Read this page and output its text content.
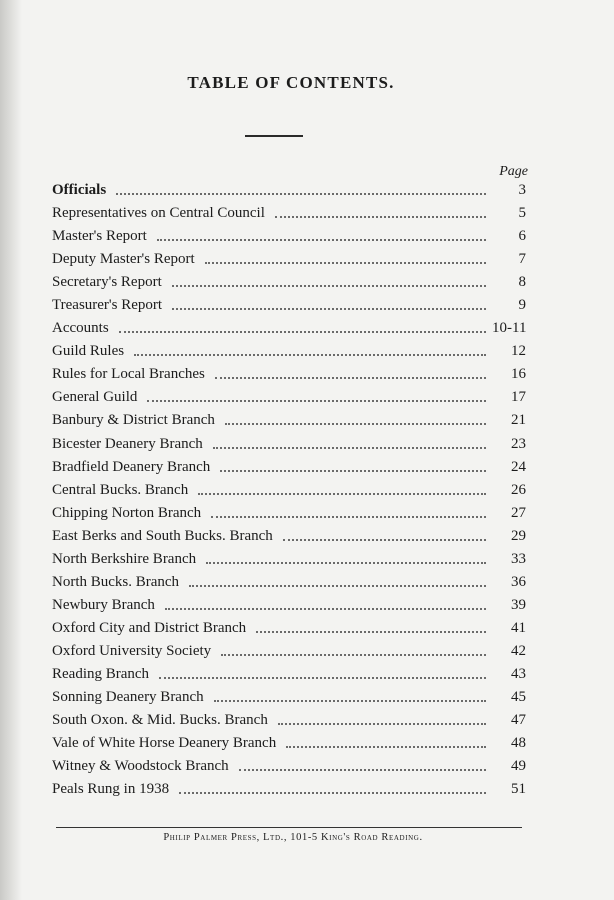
TABLE OF CONTENTS.
Page
Officials	3
Representatives on Central Council	5
Master's Report	6
Deputy Master's Report	7
Secretary's Report	8
Treasurer's Report	9
Accounts	10-11
Guild Rules	12
Rules for Local Branches	16
General Guild	17
Banbury & District Branch	21
Bicester Deanery Branch	23
Bradfield Deanery Branch	24
Central Bucks. Branch	26
Chipping Norton Branch	27
East Berks and South Bucks. Branch	29
North Berkshire Branch	33
North Bucks. Branch	36
Newbury Branch	39
Oxford City and District Branch	41
Oxford University Society	42
Reading Branch	43
Sonning Deanery Branch	45
South Oxon. & Mid. Bucks. Branch	47
Vale of White Horse Deanery Branch	48
Witney & Woodstock Branch	49
Peals Rung in 1938	51
Philip Palmer Press, Ltd., 101-5 King's Road Reading.
